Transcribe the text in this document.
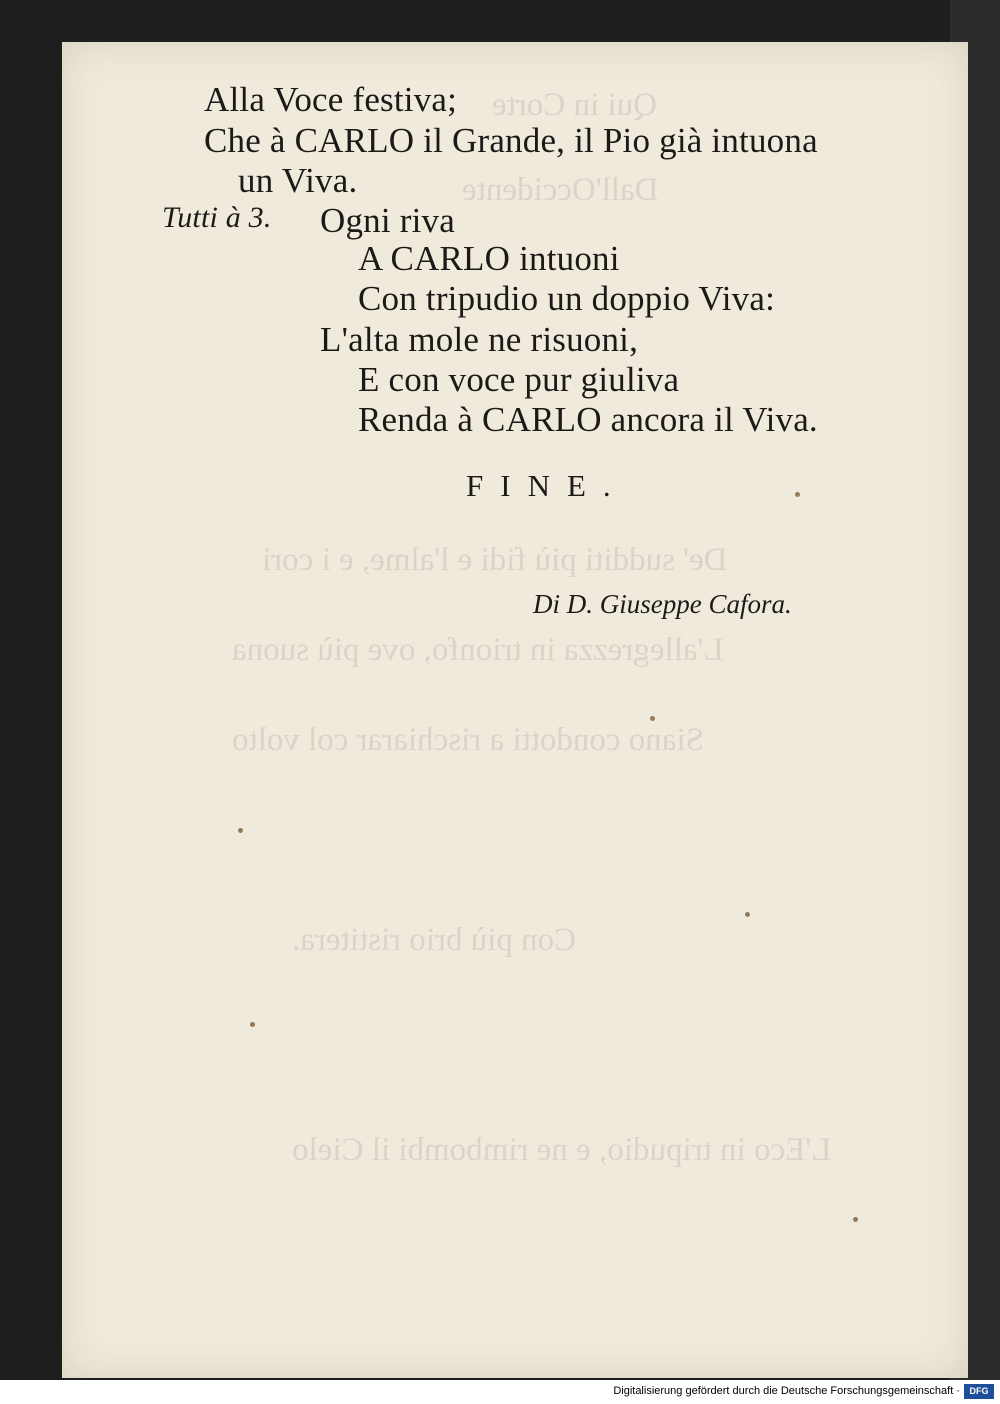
Qui in Corte
Dall'Occidente
De' sudditi più fidi e l'alme, e i cori
L'allegrezza in trionfo, ove più suona
Siano condotti a rischiarar col volto
Con più brio ristitera.
L'Eco in tripudio, e ne rimbombi il Cielo
Alla Voce festiva;
Che à CARLO il Grande, il Pio già intuona
un Viva.
Tutti à 3. Ogni riva
A CARLO intuoni
Con tripudio un doppio Viva:
L'alta mole ne risuoni,
E con voce pur giuliva
Renda à CARLO ancora il Viva.
FINE.
Di D. Giuseppe Cafora.
Digitalisierung gefördert durch die Deutsche Forschungsgemeinschaft ·	DFG
